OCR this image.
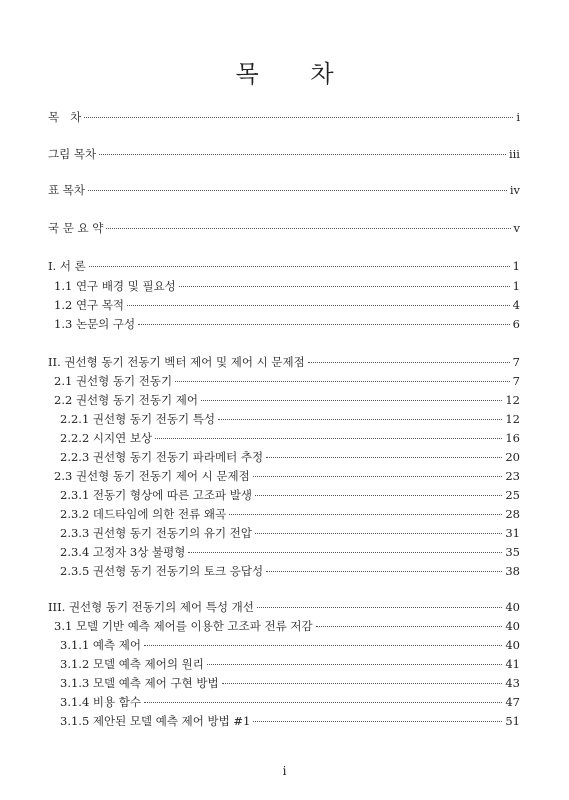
목 차
목   차	i
그림 목차	iii
표 목차	iv
국 문 요 약	v
I. 서 론	1
1.1 연구 배경 및 필요성	1
1.2 연구 목적	4
1.3 논문의 구성	6
II. 권선형 동기 전동기 벡터 제어 및 제어 시 문제점	7
2.1 권선형 동기 전동기	7
2.2 권선형 동기 전동기 제어	12
2.2.1 권선형 동기 전동기 특성	12
2.2.2 시지연 보상	16
2.2.3 권선형 동기 전동기 파라메터 추정	20
2.3 권선형 동기 전동기 제어 시 문제점	23
2.3.1 전동기 형상에 따른 고조파 발생	25
2.3.2 데드타임에 의한 전류 왜곡	28
2.3.3 권선형 동기 전동기의 유기 전압	31
2.3.4 고정자 3상 불평형	35
2.3.5 권선형 동기 전동기의 토크 응답성	38
III. 권선형 동기 전동기의 제어 특성 개선	40
3.1 모델 기반 예측 제어를 이용한 고조파 전류 저감	40
3.1.1 예측 제어	40
3.1.2 모델 예측 제어의 원리	41
3.1.3 모델 예측 제어 구현 방법	43
3.1.4 비용 함수	47
3.1.5 제안된 모델 예측 제어 방법 #1	51
i
